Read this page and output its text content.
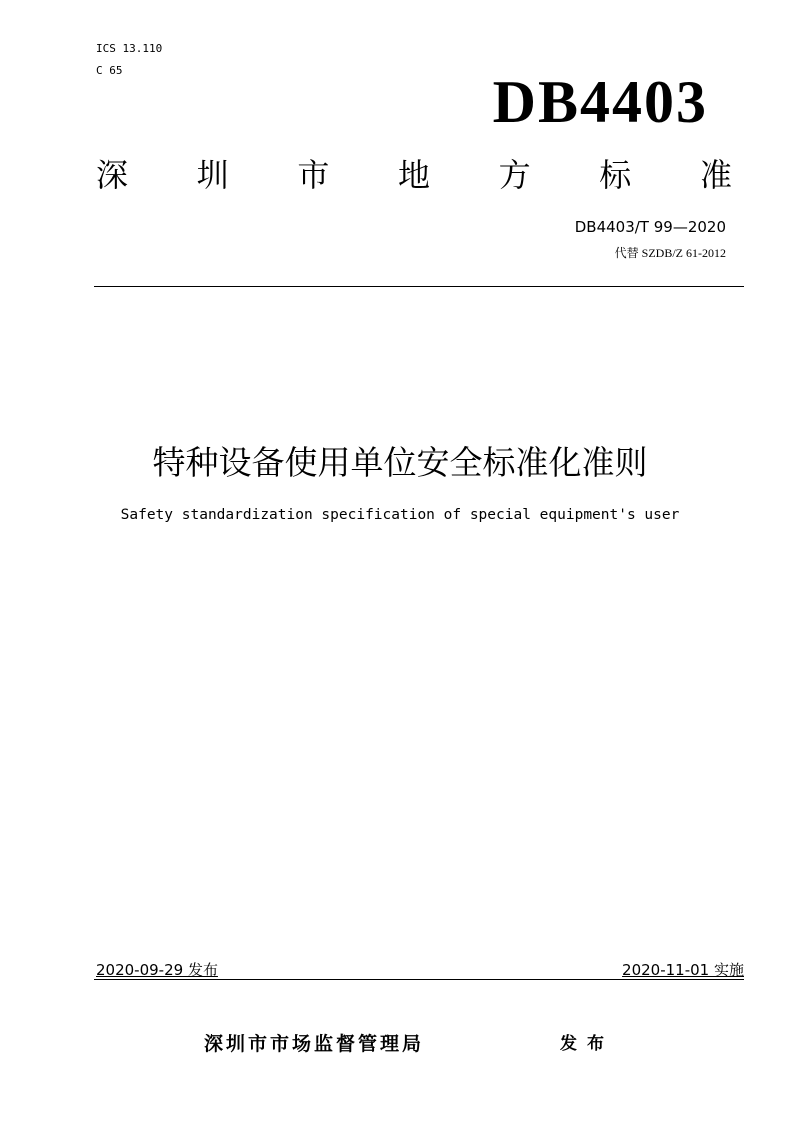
ICS 13.110
C 65	DB4403
深 圳 市 地 方 标 准
DB4403/T 99—2020
代替 SZDB/Z 61-2012
特种设备使用单位安全标准化准则
Safety standardization specification of special equipment's user
2020-09-29 发布	2020-11-01 实施
深圳市市场监督管理局	发布
